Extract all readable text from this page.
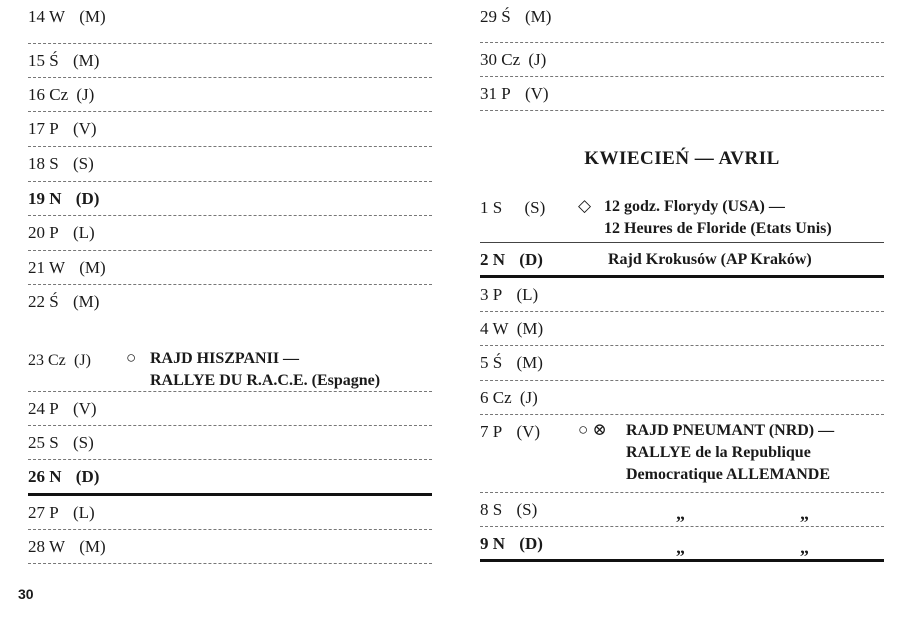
14 W (M)
15 Ś (M)
16 Cz (J)
17 P (V)
18 S (S)
19 N (D)
20 P (L)
21 W (M)
22 Ś (M)
23 Cz (J) ○ RAJD HISZPANII —
RALLYE DU R.A.C.E. (Espagne)
24 P (V)
25 S (S)
26 N (D)
27 P (L)
28 W (M)
29 Ś (M)
30 Cz (J)
31 P (V)
KWIECIEŃ — AVRIL
1 S (S) ◇ 12 godz. Florydy (USA) —
12 Heures de Floride (Etats Unis)
2 N (D)	Rajd Krokusów (AP Kraków)
3 P (L)
4 W (M)
5 Ś (M)
6 Cz (J)
7 P (V) ○ ⊗ RAJD PNEUMANT (NRD) —
RALLYE de la Republique
Democratique ALLEMANDE
8 S (S)	„	„
9 N (D)	„	„
30
